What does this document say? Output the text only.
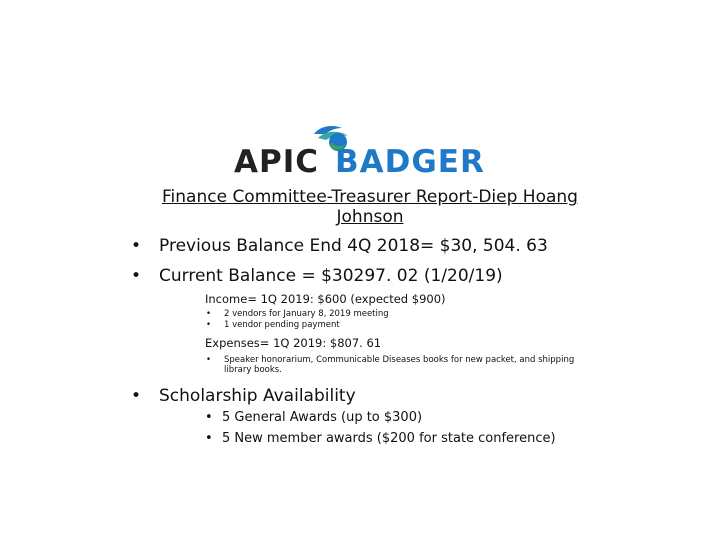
APIC BADGER
Finance Committee-Treasurer Report-Diep Hoang Johnson
• Previous Balance End 4Q 2018= $30, 504. 63
• Current Balance = $30297. 02 (1/20/19)
Income= 1Q 2019: $600 (expected $900)
• 2 vendors for January 8, 2019 meeting
• 1 vendor pending payment
Expenses= 1Q 2019: $807. 61
• Speaker honorarium, Communicable Diseases books for new packet, and shipping library books.
• Scholarship Availability
• 5 General Awards (up to $300)
• 5 New member awards ($200 for state conference)
